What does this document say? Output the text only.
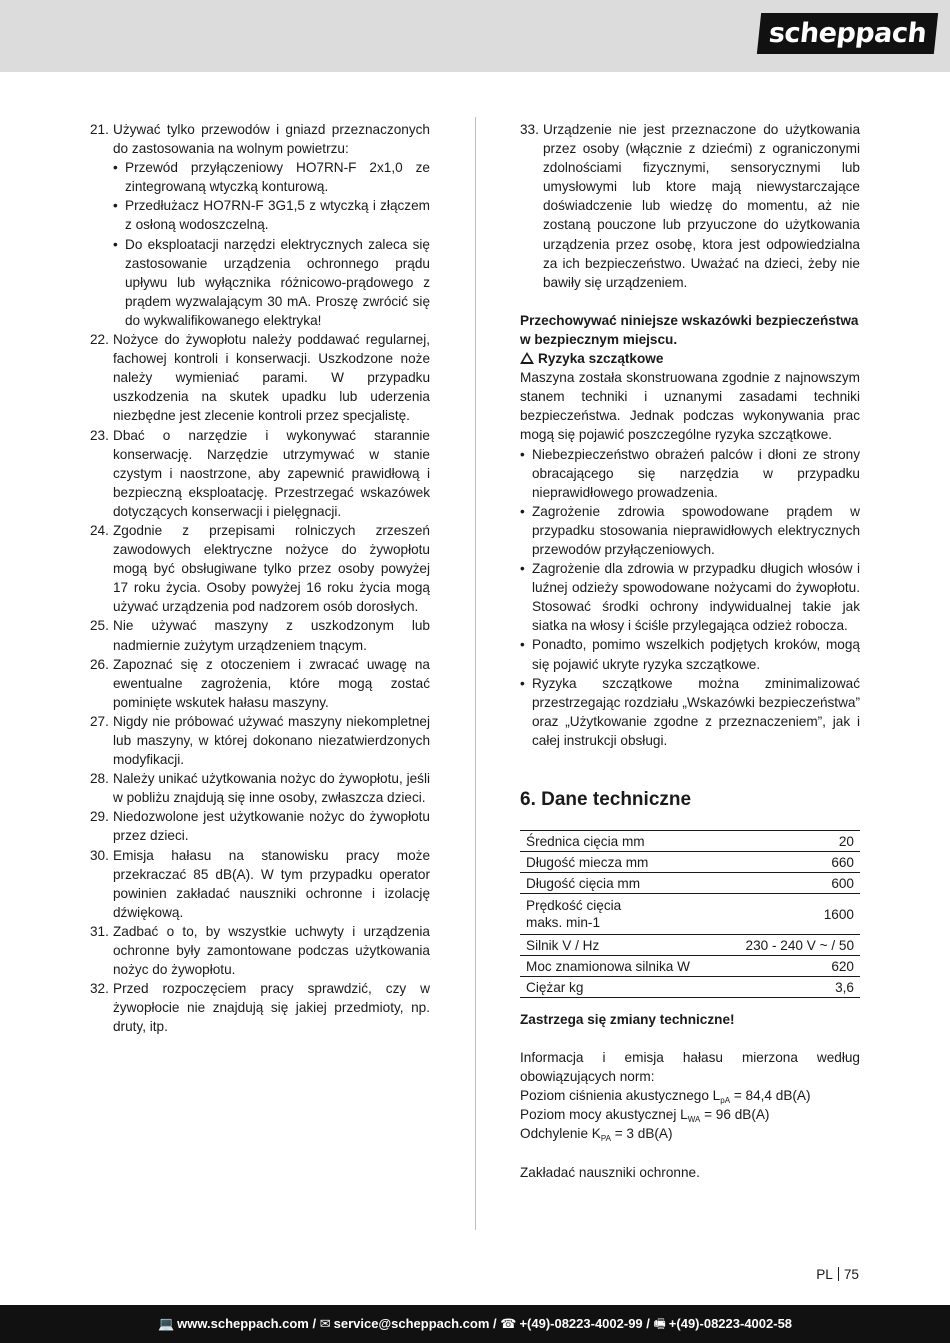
scheppach
21. Używać tylko przewodów i gniazd przeznaczonych do zastosowania na wolnym powietrzu:
• Przewód przyłączeniowy HO7RN-F 2x1,0 ze zintegrowaną wtyczką konturową.
• Przedłużacz HO7RN-F 3G1,5 z wtyczką i złączem z osłoną wodoszczelną.
• Do eksploatacji narzędzi elektrycznych zaleca się zastosowanie urządzenia ochronnego prądu upływu lub wyłącznika różnicowo-prądowego z prądem wyzwalającym 30 mA. Proszę zwrócić się do wykwalifikowanego elektryka!
22. Nożyce do żywopłotu należy poddawać regularnej, fachowej kontroli i konserwacji. Uszkodzone noże należy wymieniać parami. W przypadku uszkodzenia na skutek upadku lub uderzenia niezbędne jest zlecenie kontroli przez specjalistę.
23. Dbać o narzędzie i wykonywać starannie konserwację. Narzędzie utrzymywać w stanie czystym i naostrzone, aby zapewnić prawidłową i bezpieczną eksploatację. Przestrzegać wskazówek dotyczących konserwacji i pielęgnacji.
24. Zgodnie z przepisami rolniczych zrzeszeń zawodowych elektryczne nożyce do żywopłotu mogą być obsługiwane tylko przez osoby powyżej 17 roku życia. Osoby powyżej 16 roku życia mogą używać urządzenia pod nadzorem osób dorosłych.
25. Nie używać maszyny z uszkodzonym lub nadmiernie zużytym urządzeniem tnącym.
26. Zapoznać się z otoczeniem i zwracać uwagę na ewentualne zagrożenia, które mogą zostać pominięte wskutek hałasu maszyny.
27. Nigdy nie próbować używać maszyny niekompletnej lub maszyny, w której dokonano niezatwierdzonych modyfikacji.
28. Należy unikać użytkowania nożyc do żywopłotu, jeśli w pobliżu znajdują się inne osoby, zwłaszcza dzieci.
29. Niedozwolone jest użytkowanie nożyc do żywopłotu przez dzieci.
30. Emisja hałasu na stanowisku pracy może przekraczać 85 dB(A). W tym przypadku operator powinien zakładać nauszniki ochronne i izolację dźwiękową.
31. Zadbać o to, by wszystkie uchwyty i urządzenia ochronne były zamontowane podczas użytkowania nożyc do żywopłotu.
32. Przed rozpoczęciem pracy sprawdzić, czy w żywopłocie nie znajdują się jakiej przedmioty, np. druty, itp.
33. Urządzenie nie jest przeznaczone do użytkowania przez osoby (włącznie z dziećmi) z ograniczonymi zdolnościami fizycznymi, sensorycznymi lub umysłowymi lub ktore mają niewystarczające doświadczenie lub wiedzę do momentu, aż nie zostaną pouczone lub przyuczone do użytkowania urządzenia przez osobę, ktora jest odpowiedzialna za ich bezpieczeństwo. Uważać na dzieci, żeby nie bawiły się urządzeniem.
Przechowywać niniejsze wskazówki bezpieczeństwa w bezpiecznym miejscu.
Ryzyka szczątkowe
Maszyna została skonstruowana zgodnie z najnowszym stanem techniki i uznanymi zasadami techniki bezpieczeństwa. Jednak podczas wykonywania prac mogą się pojawić poszczególne ryzyka szczątkowe.
• Niebezpieczeństwo obrażeń palców i dłoni ze strony obracającego się narzędzia w przypadku nieprawidłowego prowadzenia.
• Zagrożenie zdrowia spowodowane prądem w przypadku stosowania nieprawidłowych elektrycznych przewodów przyłączeniowych.
• Zagrożenie dla zdrowia w przypadku długich włosów i luźnej odzieży spowodowane nożycami do żywopłotu. Stosować środki ochrony indywidualnej takie jak siatka na włosy i ściśle przylegająca odzież robocza.
• Ponadto, pomimo wszelkich podjętych kroków, mogą się pojawić ukryte ryzyka szczątkowe.
• Ryzyka szczątkowe można zminimalizować przestrzegając rozdziału „Wskazówki bezpieczeństwa” oraz „Użytkowanie zgodne z przeznaczeniem”, jak i całej instrukcji obsługi.
6. Dane techniczne
Średnica cięcia mm	20
Długość miecza mm	660
Długość cięcia mm	600
Prędkość cięcia
maks. min-1	1600
Silnik V / Hz	230 - 240 V ~ / 50
Moc znamionowa silnika W	620
Ciężar kg	3,6
Zastrzega się zmiany techniczne!
Informacja i emisja hałasu mierzona według obowiązujących norm:
Poziom ciśnienia akustycznego $L_{pA} = 84,4$ dB(A)
Poziom mocy akustycznej $L_{WA} = 96$ dB(A)
Odchylenie $K_{PA} = 3$ dB(A)
Zakładać nauszniki ochronne.
PL 75
💻 www.scheppach.com /
✉ service@scheppach.com /
☎ +(49)-08223-4002-99 /
🖷 +(49)-08223-4002-58
